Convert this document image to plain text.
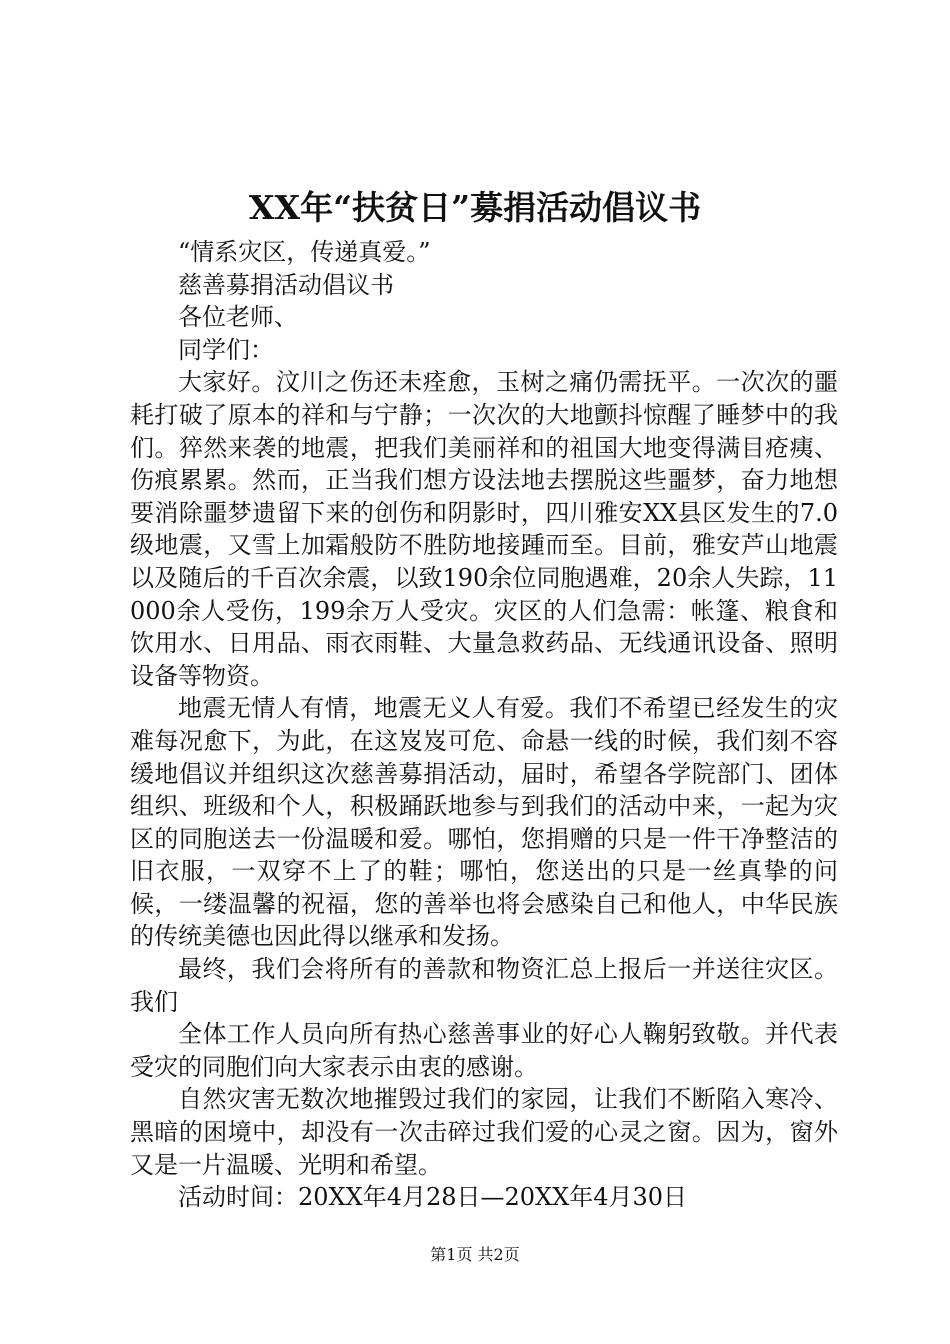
XX年“扶贫日”募捐活动倡议书

“情系灾区，传递真爱。”

慈善募捐活动倡议书

各位老师、

同学们：

大家好。汶川之伤还未痊愈，玉树之痛仍需抚平。一次次的噩耗打破了原本的祥和与宁静；一次次的大地颤抖惊醒了睡梦中的我们。猝然来袭的地震，把我们美丽祥和的祖国大地变得满目疮痍、伤痕累累。然而，正当我们想方设法地去摆脱这些噩梦，奋力地想要消除噩梦遗留下来的创伤和阴影时，四川雅安XX县区发生的7.0级地震，又雪上加霜般防不胜防地接踵而至。目前，雅安芦山地震以及随后的千百次余震，以致190余位同胞遇难，20余人失踪，11000余人受伤，199余万人受灾。灾区的人们急需：帐篷、粮食和饮用水、日用品、雨衣雨鞋、大量急救药品、无线通讯设备、照明设备等物资。

地震无情人有情，地震无义人有爱。我们不希望已经发生的灾难每况愈下，为此，在这岌岌可危、命悬一线的时候，我们刻不容缓地倡议并组织这次慈善募捐活动，届时，希望各学院部门、团体组织、班级和个人，积极踊跃地参与到我们的活动中来，一起为灾区的同胞送去一份温暖和爱。哪怕，您捐赠的只是一件干净整洁的旧衣服，一双穿不上了的鞋；哪怕，您送出的只是一丝真挚的问候，一缕温馨的祝福，您的善举也将会感染自己和他人，中华民族的传统美德也因此得以继承和发扬。

最终，我们会将所有的善款和物资汇总上报后一并送往灾区。我们

全体工作人员向所有热心慈善事业的好心人鞠躬致敬。并代表受灾的同胞们向大家表示由衷的感谢。

自然灾害无数次地摧毁过我们的家园，让我们不断陷入寒冷、黑暗的困境中，却没有一次击碎过我们爱的心灵之窗。因为，窗外又是一片温暖、光明和希望。

活动时间：20XX年4月28日—20XX年4月30日

第1页 共2页
